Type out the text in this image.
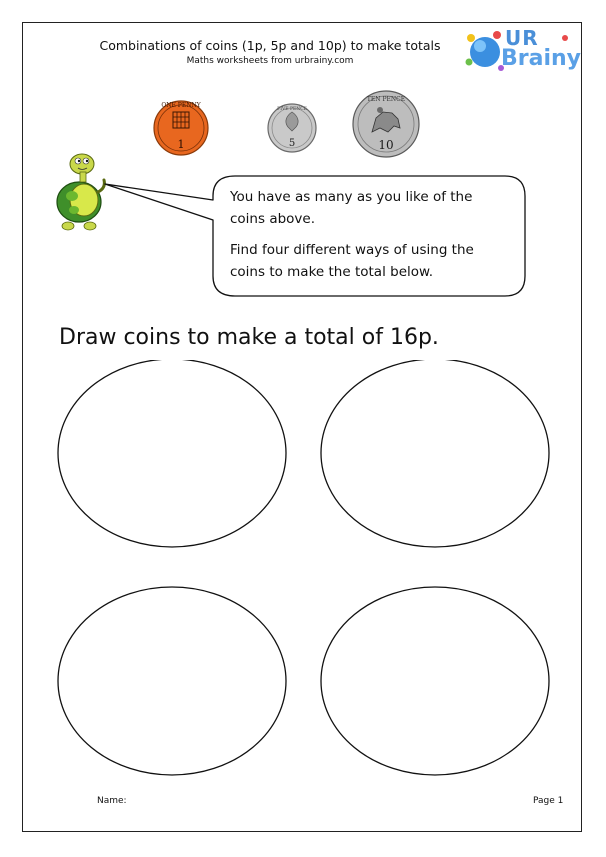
Combinations of coins (1p, 5p and 10p) to make totals
Maths worksheets from urbrainy.com
UR
Brainy
ONE PENNY
1
FIVE PENCE
5
TEN PENCE
10

You have as many as you like of the coins above.

Find four different ways of using the coins to make the total below.

Draw coins to make a total of 16p.
Name:	Page 1
